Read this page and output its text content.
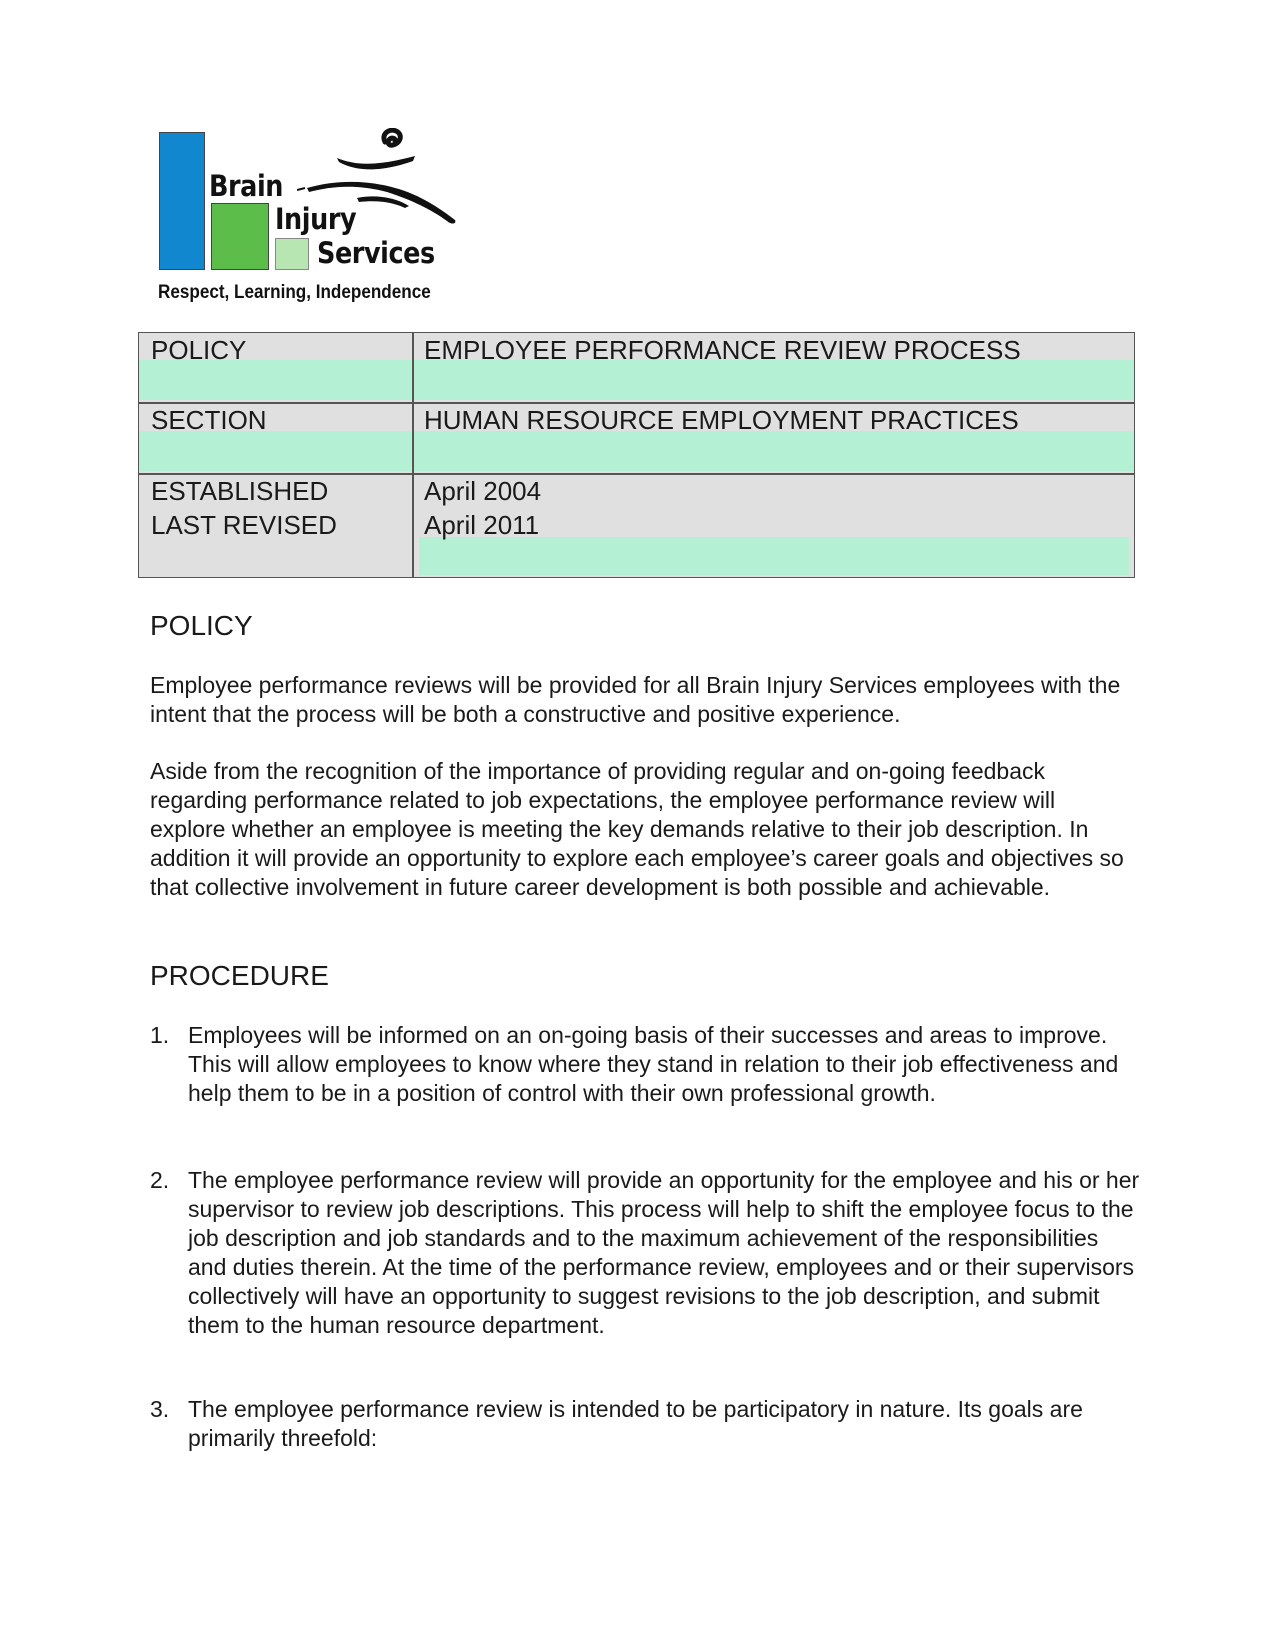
Brain
Injury
Services
Respect, Learning, Independence
POLICY	EMPLOYEE PERFORMANCE REVIEW PROCESS
SECTION	HUMAN RESOURCE EMPLOYMENT PRACTICES
ESTABLISHED
LAST REVISED
April 2004
April 2011
POLICY

Employee performance reviews will be provided for all Brain Injury Services employees with the intent that the process will be both a constructive and positive experience.

Aside from the recognition of the importance of providing regular and on-going feedback regarding performance related to job expectations, the employee performance review will explore whether an employee is meeting the key demands relative to their job description. In addition it will provide an opportunity to explore each employee’s career goals and objectives so that collective involvement in future career development is both possible and achievable.

PROCEDURE
1. Employees will be informed on an on-going basis of their successes and areas to improve. This will allow employees to know where they stand in relation to their job effectiveness and help them to be in a position of control with their own professional growth.
2. The employee performance review will provide an opportunity for the employee and his or her supervisor to review job descriptions. This process will help to shift the employee focus to the job description and job standards and to the maximum achievement of the responsibilities and duties therein. At the time of the performance review, employees and or their supervisors collectively will have an opportunity to suggest revisions to the job description, and submit them to the human resource department.
3. The employee performance review is intended to be participatory in nature. Its goals are primarily threefold:
